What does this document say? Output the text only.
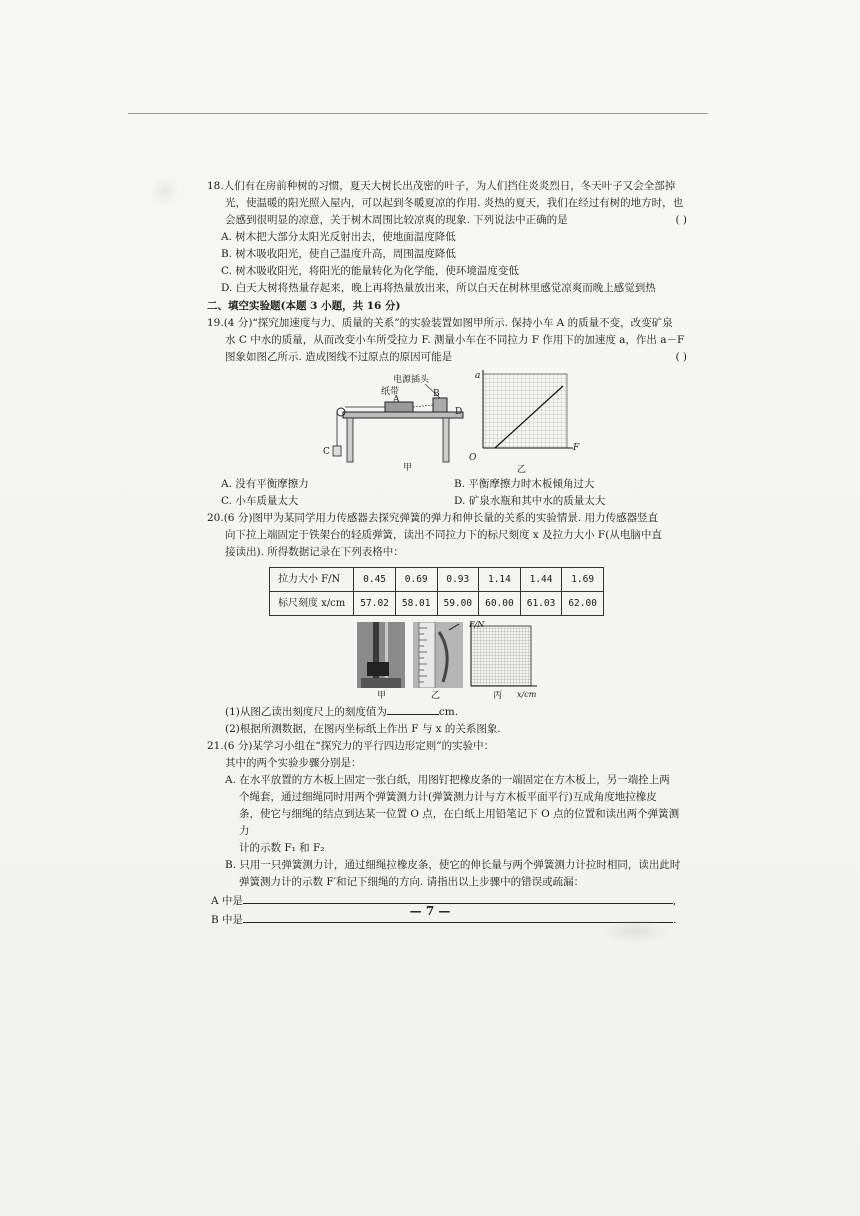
18.人们有在房前种树的习惯，夏天大树长出茂密的叶子，为人们挡住炎炎烈日，冬天叶子又会全部掉

光，使温暖的阳光照入屋内，可以起到冬暖夏凉的作用. 炎热的夏天，我们在经过有树的地方时，也

会感到很明显的凉意，关于树木周围比较凉爽的现象. 下列说法中正确的是	( )

A. 树木把大部分太阳光反射出去，使地面温度降低

B. 树木吸收阳光，使自己温度升高，周围温度降低

C. 树木吸收阳光，将阳光的能量转化为化学能，使环境温度变低

D. 白天大树将热量存起来，晚上再将热量放出来，所以白天在树林里感觉凉爽而晚上感觉到热

二、填空实验题(本题 3 小题，共 16 分)

19.(4 分)“探究加速度与力、质量的关系”的实验装置如图甲所示. 保持小车 A 的质量不变，改变矿泉

水 C 中水的质量，从而改变小车所受拉力 F. 测量小车在不同拉力 F 作用下的加速度 a，作出 a－F

图象如图乙所示. 造成图线不过原点的原因可能是	( )

电源插头
纸带
A
B
D
C
甲
a
O
F
乙
A. 没有平衡摩擦力	B. 平衡摩擦力时木板倾角过大
C. 小车质量太大	D. 矿泉水瓶和其中水的质量太大

20.(6 分)图甲为某同学用力传感器去探究弹簧的弹力和伸长量的关系的实验情景. 用力传感器竖直

向下拉上端固定于铁架台的轻质弹簧，读出不同拉力下的标尺刻度 x 及拉力大小 F(从电脑中直

接读出). 所得数据记录在下列表格中：

拉力大小 F/N	0.45	0.69	0.93	1.14	1.44	1.69
标尺刻度 x/cm	57.02	58.01	59.00	60.00	61.03	62.00
F/N
甲	乙	丙 x/cm

(1)从图乙读出刻度尺上的刻度值为	cm.

(2)根据所测数据，在图丙坐标纸上作出 F 与 x 的关系图象.

21.(6 分)某学习小组在“探究力的平行四边形定则”的实验中：

其中的两个实验步骤分别是：

A. 在水平放置的方木板上固定一张白纸，用图钉把橡皮条的一端固定在方木板上，另一端拴上两

个绳套，通过细绳同时用两个弹簧测力计(弹簧测力计与方木板平面平行)互成角度地拉橡皮

条，使它与细绳的结点到达某一位置 O 点，在白纸上用铅笔记下 O 点的位置和读出两个弹簧测力

计的示数 F₁ 和 F₂

B. 只用一只弹簧测力计，通过细绳拉橡皮条，使它的伸长量与两个弹簧测力计拉时相同，读出此时

弹簧测力计的示数 F′和记下细绳的方向. 请指出以上步骤中的错误或疏漏：

A 中是	,

B 中是	.

— 7 —
